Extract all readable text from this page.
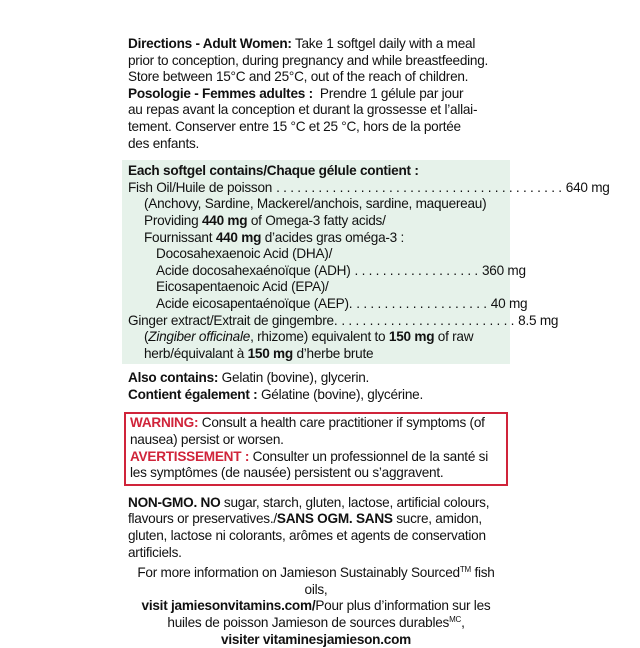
Directions - Adult Women: Take 1 softgel daily with a meal prior to conception, during pregnancy and while breastfeeding. Store between 15°C and 25°C, out of the reach of children.

Posologie - Femmes adultes :  Prendre 1 gélule par jour

au repas avant la conception et durant la grossesse et l’allai-

tement. Conserver entre 15 °C et 25 °C, hors de la portée

des enfants.

Each softgel contains/Chaque gélule contient :

Fish Oil/Huile de poisson . . . . . . . . . . . . . . . . . . . . . . . . . . . . . . . . . . . . . . . . . 640 mg

(Anchovy, Sardine, Mackerel/anchois, sardine, maquereau)

Providing 440 mg of Omega-3 fatty acids/

Fournissant 440 mg d’acides gras oméga-3 :

Docosahexaenoic Acid (DHA)/

Acide docosahexaénoïque (ADH) . . . . . . . . . . . . . . . . . . 360 mg

Eicosapentaenoic Acid (EPA)/

Acide eicosapentaénoïque (AEP). . . . . . . . . . . . . . . . . . . . 40 mg
Ginger extract/Extrait de gingembre. . . . . . . . . . . . . . . . . . . . . . . . . . 8.5 mg

(Zingiber officinale, rhizome) equivalent to 150 mg of raw

herb/équivalant à 150 mg d’herbe brute

Also contains: Gelatin (bovine), glycerin.

Contient également : Gélatine (bovine), glycérine.

WARNING: Consult a health care practitioner if symptoms (of nausea) persist or worsen.

AVERTISSEMENT : Consulter un professionnel de la santé si les symptômes (de nausée) persistent ou s’aggravent.

NON-GMO. NO sugar, starch, gluten, lactose, artificial colours, flavours or preservatives./SANS OGM. SANS sucre, amidon, gluten, lactose ni colorants, arômes et agents de conservation artificiels.

For more information on Jamieson Sustainably Sourced™ fish oils,

visit jamiesonvitamins.com/Pour plus d’information sur les huiles de poisson Jamieson de sources durables$^{MC}$,

visiter vitaminesjamieson.com
